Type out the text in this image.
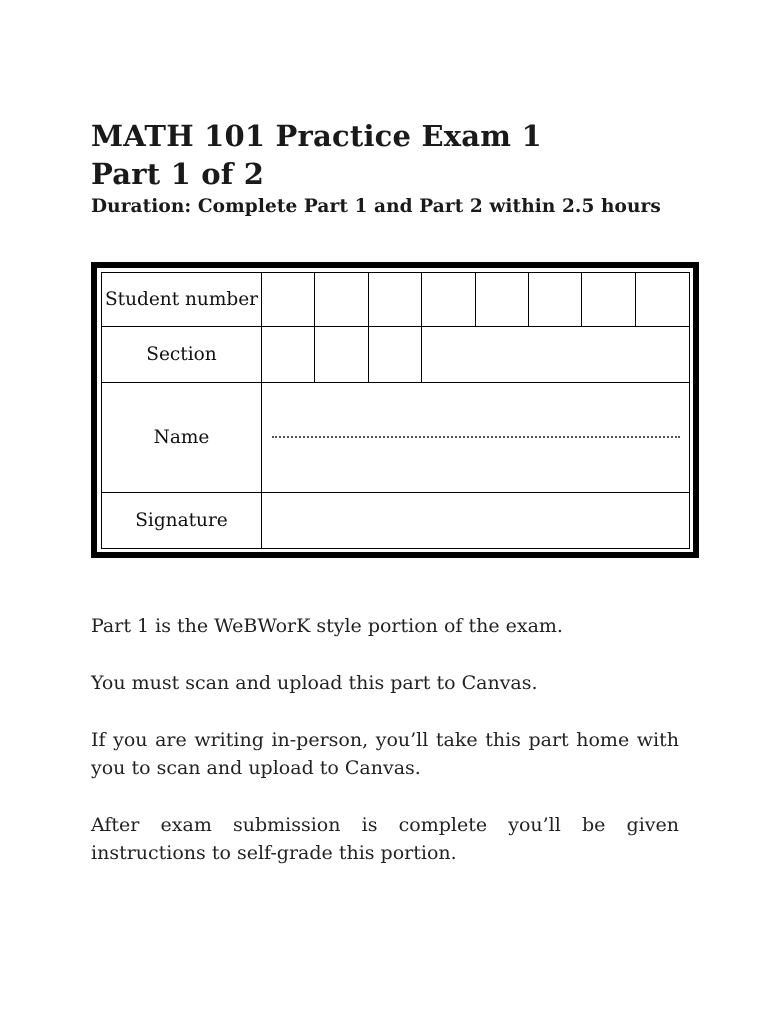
MATH 101 Practice Exam 1
Part 1 of 2
Duration: Complete Part 1 and Part 2 within 2.5 hours
Student number
Section
Name
Signature

Part 1 is the WeBWorK style portion of the exam.

You must scan and upload this part to Canvas.

If you are writing in-person, you’ll take this part home with you to scan and upload to Canvas.

After exam submission is complete you’ll be given instructions to self-grade this portion.
